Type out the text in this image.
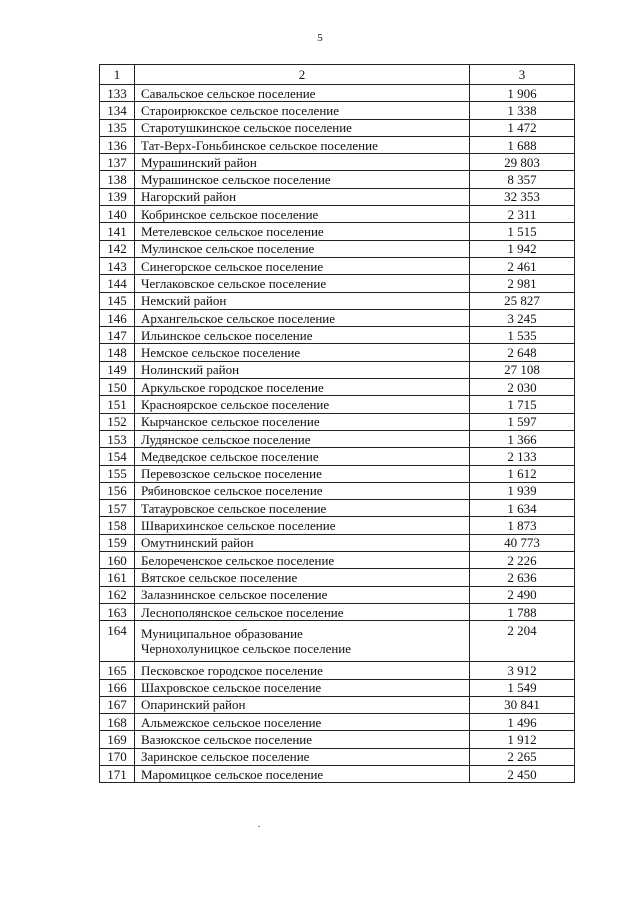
5
1	2	3
133	Савальское сельское поселение	1 906
134	Староирюкское сельское поселение	1 338
135	Старотушкинское сельское поселение	1 472
136	Тат-Верх-Гоньбинское сельское поселение	1 688
137	Мурашинский район	29 803
138	Мурашинское сельское поселение	8 357
139	Нагорский район	32 353
140	Кобринское сельское поселение	2 311
141	Метелевское сельское поселение	1 515
142	Мулинское сельское поселение	1 942
143	Синегорское сельское поселение	2 461
144	Чеглаковское сельское поселение	2 981
145	Немский район	25 827
146	Архангельское сельское поселение	3 245
147	Ильинское сельское поселение	1 535
148	Немское сельское поселение	2 648
149	Нолинский район	27 108
150	Аркульское городское поселение	2 030
151	Красноярское сельское поселение	1 715
152	Кырчанское сельское поселение	1 597
153	Лудянское сельское поселение	1 366
154	Медведское сельское поселение	2 133
155	Перевозское сельское поселение	1 612
156	Рябиновское сельское поселение	1 939
157	Татауровское сельское поселение	1 634
158	Шварихинское сельское поселение	1 873
159	Омутнинский район	40 773
160	Белореченское сельское поселение	2 226
161	Вятское сельское поселение	2 636
162	Залазнинское сельское поселение	2 490
163	Леснополянское сельское поселение	1 788
164	Муниципальное образование
Чернохолуницкое сельское поселение	2 204
165	Песковское городское поселение	3 912
166	Шахровское сельское поселение	1 549
167	Опаринский район	30 841
168	Альмежское сельское поселение	1 496
169	Вазюкское сельское поселение	1 912
170	Заринское сельское поселение	2 265
171	Маромицкое сельское поселение	2 450
